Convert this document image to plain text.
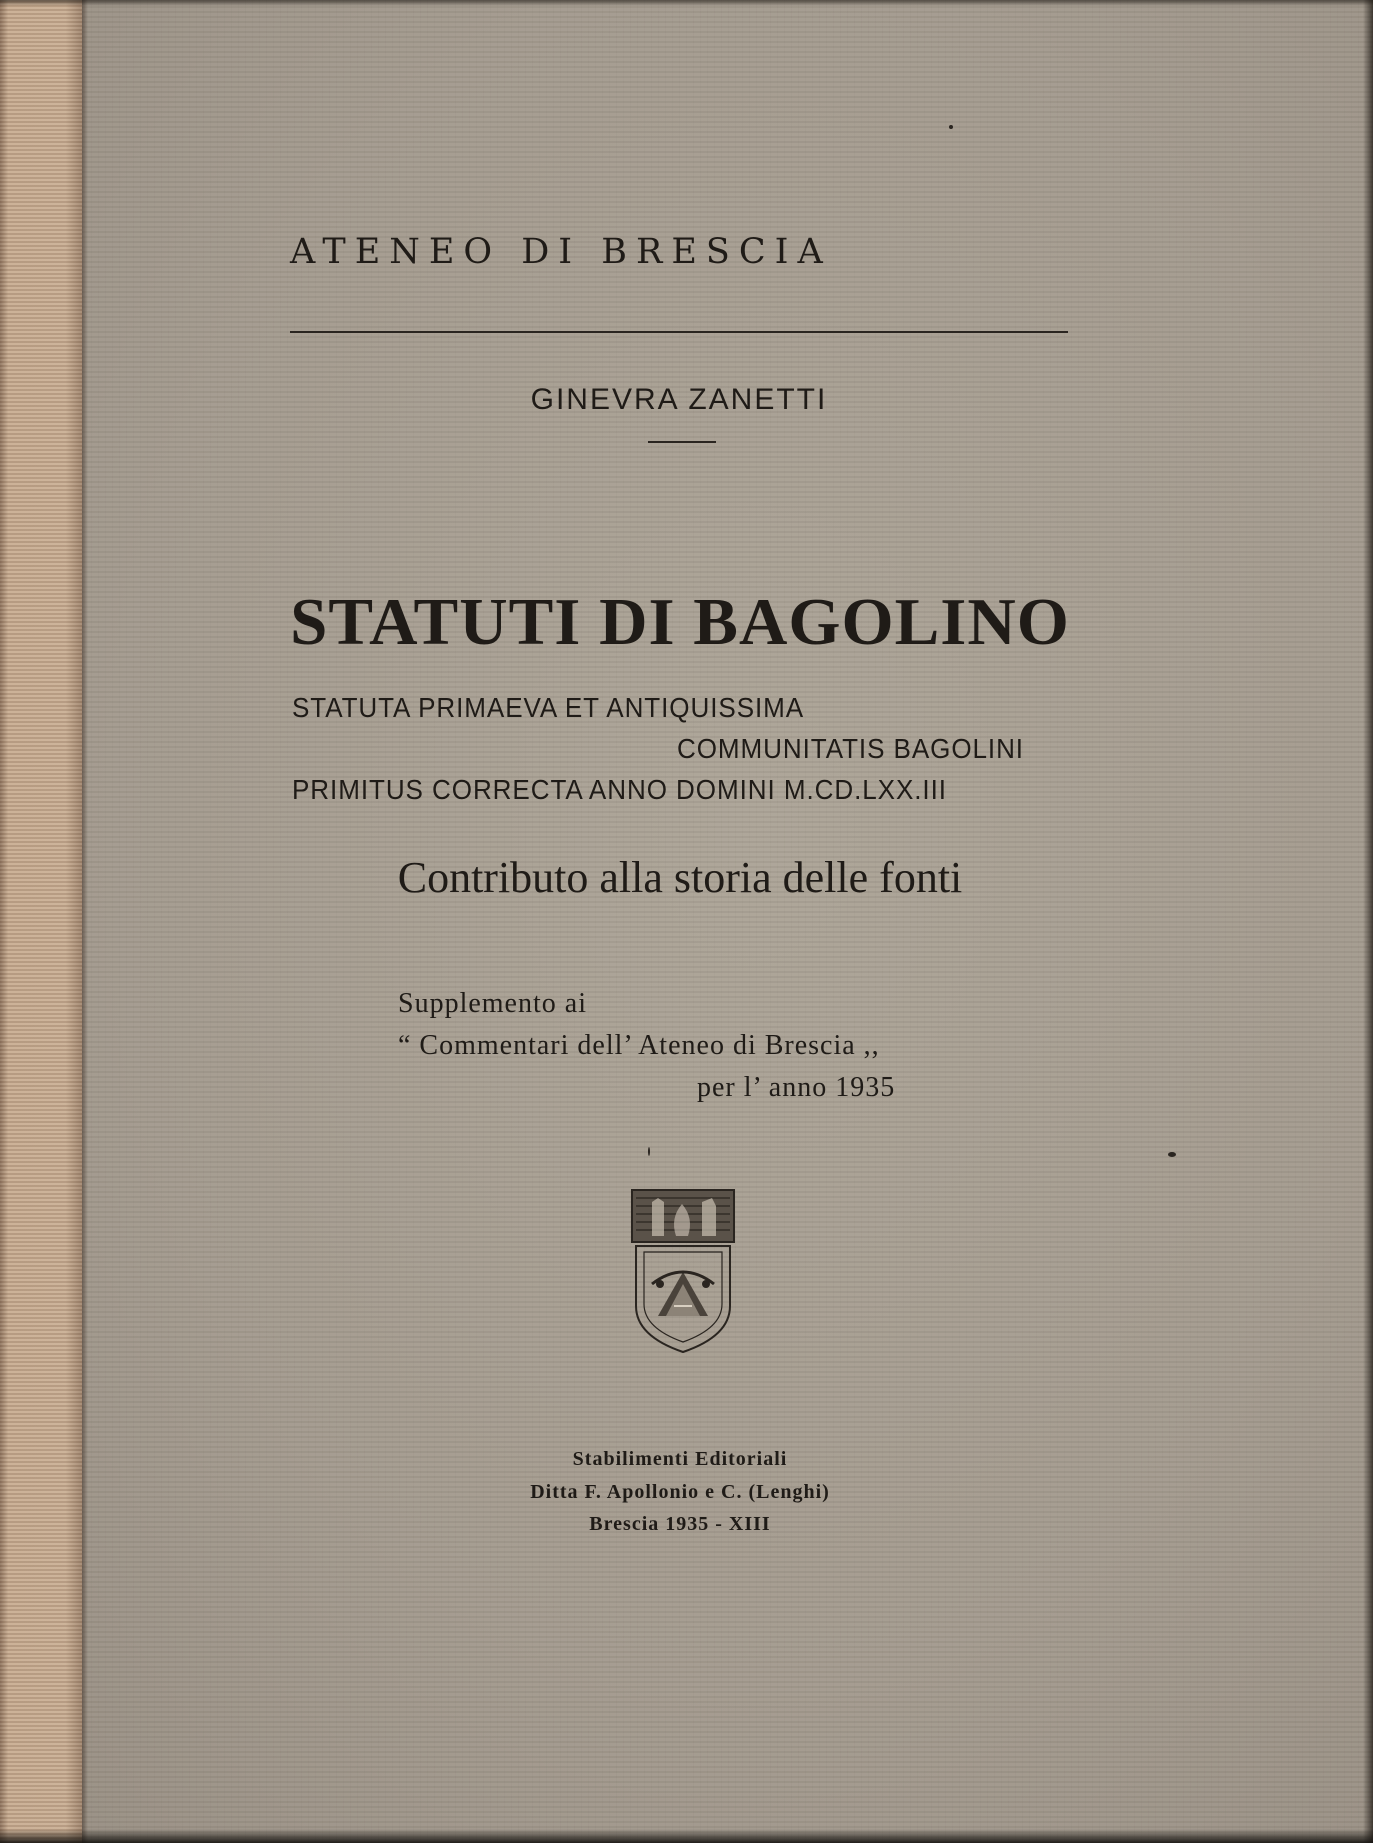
ATENEO DI BRESCIA

GINEVRA ZANETTI

STATUTI DI BAGOLINO

STATUTA PRIMAEVA ET ANTIQUISSIMA

COMMUNITATIS BAGOLINI

PRIMITUS CORRECTA ANNO DOMINI M.CD.LXX.III

Contributo alla storia delle fonti

Supplemento ai

“ Commentari dell’ Ateneo di Brescia ,,

per l’ anno 1935

Stabilimenti Editoriali

Ditta F. Apollonio e C. (Lenghi)

Brescia 1935 - XIII
